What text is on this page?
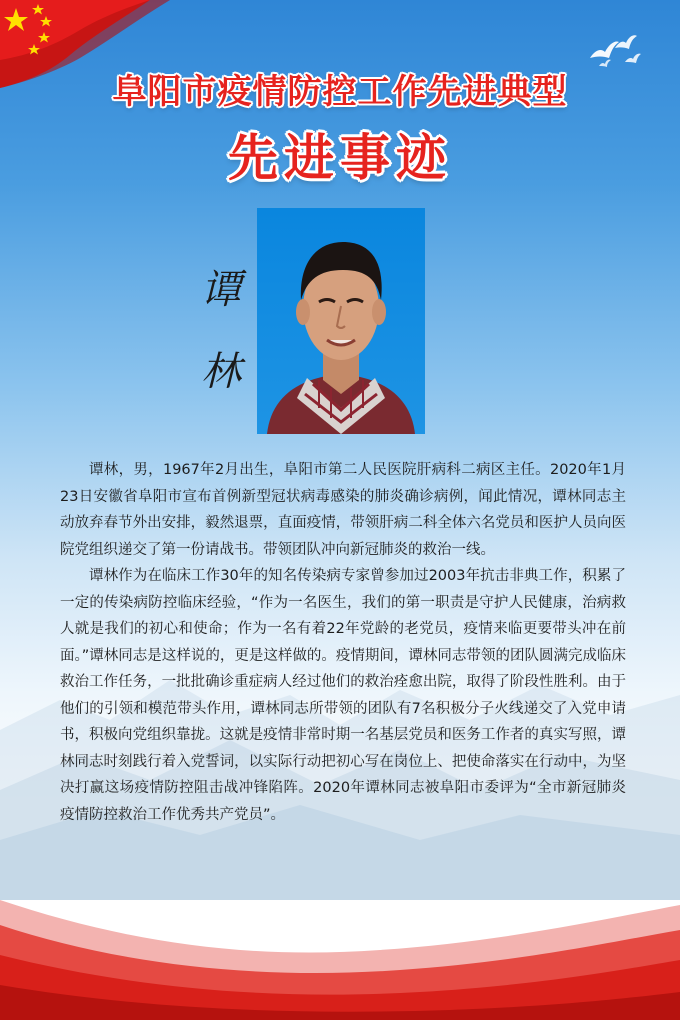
阜阳市疫情防控工作先进典型
先进事迹
谭
林

谭林，男，1967年2月出生，阜阳市第二人民医院肝病科二病区主任。2020年1月23日安徽省阜阳市宣布首例新型冠状病毒感染的肺炎确诊病例，闻此情况，谭林同志主动放弃春节外出安排，毅然退票，直面疫情，带领肝病二科全体六名党员和医护人员向医院党组织递交了第一份请战书。带领团队冲向新冠肺炎的救治一线。

谭林作为在临床工作30年的知名传染病专家曾参加过2003年抗击非典工作，积累了一定的传染病防控临床经验，“作为一名医生，我们的第一职责是守护人民健康，治病救人就是我们的初心和使命；作为一名有着22年党龄的老党员，疫情来临更要带头冲在前面。”谭林同志是这样说的，更是这样做的。疫情期间，谭林同志带领的团队圆满完成临床救治工作任务，一批批确诊重症病人经过他们的救治痊愈出院，取得了阶段性胜利。由于他们的引领和模范带头作用，谭林同志所带领的团队有7名积极分子火线递交了入党申请书，积极向党组织靠拢。这就是疫情非常时期一名基层党员和医务工作者的真实写照，谭林同志时刻践行着入党誓词，以实际行动把初心写在岗位上、把使命落实在行动中，为坚决打赢这场疫情防控阻击战冲锋陷阵。2020年谭林同志被阜阳市委评为“全市新冠肺炎疫情防控救治工作优秀共产党员”。
